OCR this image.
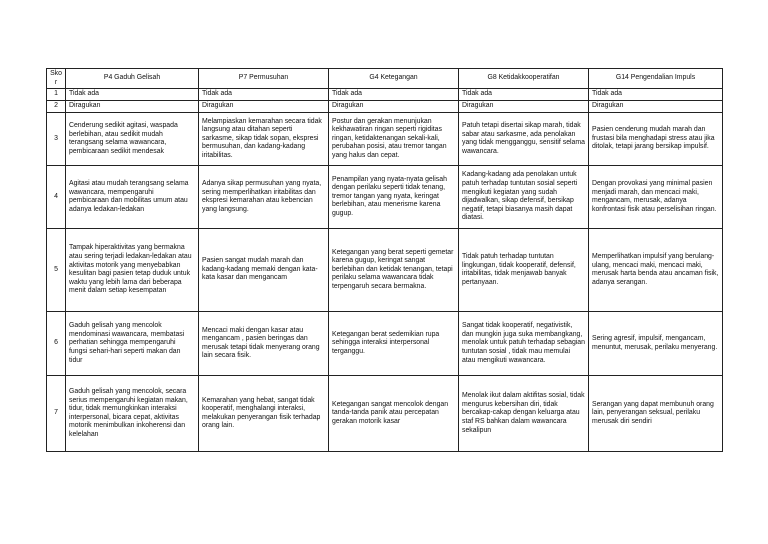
Skor	P4 Gaduh Gelisah	P7 Permusuhan	G4 Ketegangan	G8 Ketidakkooperatifan	G14 Pengendalian Impuls
1	Tidak ada	Tidak ada	Tidak ada	Tidak ada	Tidak ada
2	Diragukan	Diragukan	Diragukan	Diragukan	Diragukan
3	Cenderung sedikit agitasi, waspada berlebihan, atau sedikit mudah terangsang selama wawancara, pembicaraan sedikit mendesak	Melampiaskan kemarahan secara tidak langsung atau ditahan seperti sarkasme, sikap tidak sopan, ekspresi bermusuhan, dan kadang-kadang iritabilitas.	Postur dan gerakan menunjukan kekhawatiran ringan seperti rigiditas ringan, ketidaktenangan sekali-kali, perubahan posisi, atau tremor tangan yang halus dan cepat.	Patuh tetapi disertai sikap marah, tidak sabar atau sarkasme, ada penolakan yang tidak mengganggu, sensitif selama wawancara.	Pasien cenderung mudah marah dan frustasi bila menghadapi stress atau jika ditolak, tetapi jarang bersikap impulsif.
4	Agitasi atau mudah terangsang selama wawancara, mempengaruhi pembicaraan dan mobilitas umum atau adanya ledakan-ledakan	Adanya sikap permusuhan yang nyata, sering memperlihatkan iritabilitas dan ekspresi kemarahan atau kebencian yang langsung.	Penampilan yang nyata-nyata gelisah dengan perilaku seperti tidak tenang, tremor tangan yang nyata, keringat berlebihan, atau menerisme karena gugup.	Kadang-kadang ada penolakan untuk patuh terhadap tuntutan sosial seperti mengikuti kegiatan yang sudah dijadwalkan, sikap defensif, bersikap negatif, tetapi biasanya masih dapat diatasi.	Dengan provokasi yang minimal pasien menjadi marah, dan mencaci maki, mengancam, merusak, adanya konfrontasi fisik atau perselisihan ringan.
5	Tampak hiperaktivitas yang bermakna atau sering terjadi ledakan-ledakan atau aktivitas motorik yang menyebabkan kesulitan bagi pasien tetap duduk untuk waktu yang lebih lama dari beberapa menit dalam setiap kesempatan	Pasien sangat mudah marah dan kadang-kadang memaki dengan kata-kata kasar dan mengancam	Ketegangan yang berat seperti gemetar karena gugup, keringat sangat berlebihan dan ketidak tenangan, tetapi perilaku selama wawancara tidak terpengaruh secara bermakna.	Tidak patuh terhadap tuntutan lingkungan, tidak kooperatif, defensif, iritabilitas, tidak menjawab banyak pertanyaan.	Memperlihatkan impulsif yang berulang-ulang, mencaci maki, mencaci maki, merusak harta benda atau ancaman fisik, adanya serangan.
6	Gaduh gelisah yang mencolok mendominasi wawancara, membatasi perhatian sehingga mempengaruhi fungsi sehari-hari seperti makan dan tidur	Mencaci maki dengan kasar atau mengancam , pasien beringas dan merusak tetapi tidak menyerang orang lain secara fisik.	Ketegangan berat sedemikian rupa sehingga interaksi interpersonal terganggu.	Sangat tidak kooperatif, negativistik, dan mungkin juga suka membangkang, menolak untuk patuh terhadap sebagian tuntutan sosial , tidak mau memulai atau mengikuti wawancara.	Sering agresif, impulsif, mengancam, menuntut, merusak, perilaku menyerang.
7	Gaduh gelisah yang mencolok, secara serius mempengaruhi kegiatan makan, tidur, tidak memungkinkan interaksi interpersonal, bicara cepat, aktivitas motorik menimbulkan inkoherensi dan kelelahan	Kemarahan yang hebat, sangat tidak kooperatif, menghalangi interaksi, melakukan penyerangan fisik terhadap orang lain.	Ketegangan sangat mencolok dengan tanda-tanda panik atau percepatan gerakan motorik kasar	Menolak ikut dalam aktifitas sosial, tidak mengurus kebersihan diri, tidak bercakap-cakap dengan keluarga atau staf RS bahkan dalam wawancara sekalipun	Serangan yang dapat membunuh orang lain, penyerangan seksual, perilaku merusak diri sendiri
